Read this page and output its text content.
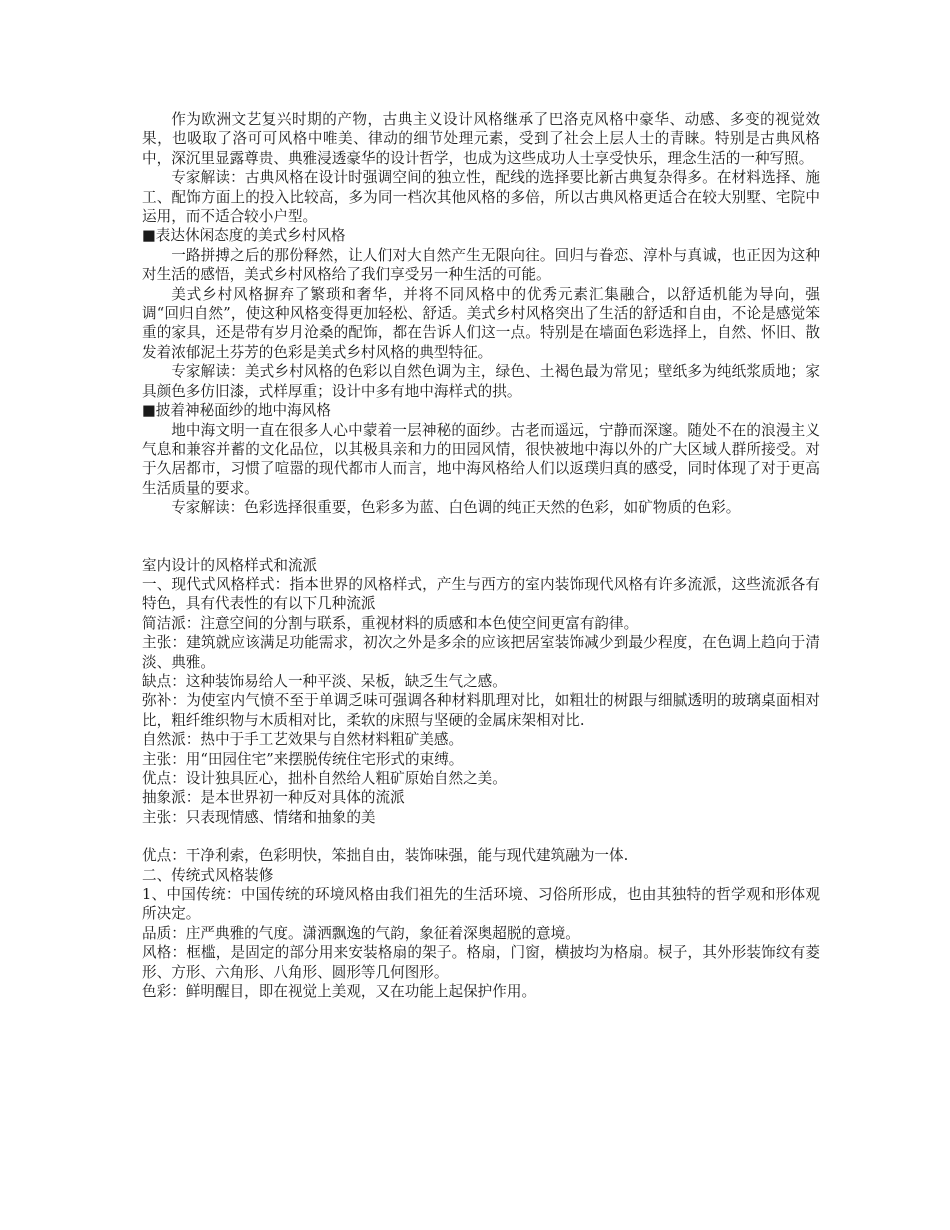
作为欧洲文艺复兴时期的产物，古典主义设计风格继承了巴洛克风格中豪华、动感、多变的视觉效果，也吸取了洛可可风格中唯美、律动的细节处理元素，受到了社会上层人士的青睐。特别是古典风格中，深沉里显露尊贵、典雅浸透豪华的设计哲学，也成为这些成功人士享受快乐，理念生活的一种写照。

专家解读：古典风格在设计时强调空间的独立性，配线的选择要比新古典复杂得多。在材料选择、施工、配饰方面上的投入比较高，多为同一档次其他风格的多倍，所以古典风格更适合在较大别墅、宅院中运用，而不适合较小户型。

■表达休闲态度的美式乡村风格

一路拼搏之后的那份释然，让人们对大自然产生无限向往。回归与眷恋、淳朴与真诚，也正因为这种对生活的感悟，美式乡村风格给了我们享受另一种生活的可能。

美式乡村风格摒弃了繁琐和奢华，并将不同风格中的优秀元素汇集融合，以舒适机能为导向，强调“回归自然”，使这种风格变得更加轻松、舒适。美式乡村风格突出了生活的舒适和自由，不论是感觉笨重的家具，还是带有岁月沧桑的配饰，都在告诉人们这一点。特别是在墙面色彩选择上，自然、怀旧、散发着浓郁泥土芬芳的色彩是美式乡村风格的典型特征。

专家解读：美式乡村风格的色彩以自然色调为主，绿色、土褐色最为常见；壁纸多为纯纸浆质地；家具颜色多仿旧漆，式样厚重；设计中多有地中海样式的拱。

■披着神秘面纱的地中海风格

地中海文明一直在很多人心中蒙着一层神秘的面纱。古老而遥远，宁静而深邃。随处不在的浪漫主义气息和兼容并蓄的文化品位，以其极具亲和力的田园风情，很快被地中海以外的广大区域人群所接受。对于久居都市，习惯了喧嚣的现代都市人而言，地中海风格给人们以返璞归真的感受，同时体现了对于更高生活质量的要求。

专家解读：色彩选择很重要，色彩多为蓝、白色调的纯正天然的色彩，如矿物质的色彩。

室内设计的风格样式和流派

一、现代式风格样式：指本世界的风格样式，产生与西方的室内装饰现代风格有许多流派，这些流派各有特色，具有代表性的有以下几种流派

简洁派：注意空间的分割与联系，重视材料的质感和本色使空间更富有韵律。

主张：建筑就应该满足功能需求，初次之外是多余的应该把居室装饰减少到最少程度，在色调上趋向于清淡、典雅。

缺点：这种装饰易给人一种平淡、呆板，缺乏生气之感。

弥补：为使室内气愤不至于单调乏味可强调各种材料肌理对比，如粗壮的树跟与细腻透明的玻璃桌面相对比，粗纤维织物与木质相对比，柔软的床照与坚硬的金属床架相对比.

自然派：热中于手工艺效果与自然材料粗矿美感。

主张：用“田园住宅”来摆脱传统住宅形式的束缚。

优点：设计独具匠心，拙朴自然给人粗矿原始自然之美。

抽象派：是本世界初一种反对具体的流派

主张：只表现情感、情绪和抽象的美

优点：干净利索，色彩明快，笨拙自由，装饰味强，能与现代建筑融为一体.

二、传统式风格装修

1、中国传统：中国传统的环境风格由我们祖先的生活环境、习俗所形成，也由其独特的哲学观和形体观所决定。

品质：庄严典雅的气度。潇洒飘逸的气韵，象征着深奥超脱的意境。

风格：框槛，是固定的部分用来安装格扇的架子。格扇，门窗，横披均为格扇。棂子，其外形装饰纹有菱形、方形、六角形、八角形、圆形等几何图形。

色彩：鲜明醒目，即在视觉上美观，又在功能上起保护作用。
